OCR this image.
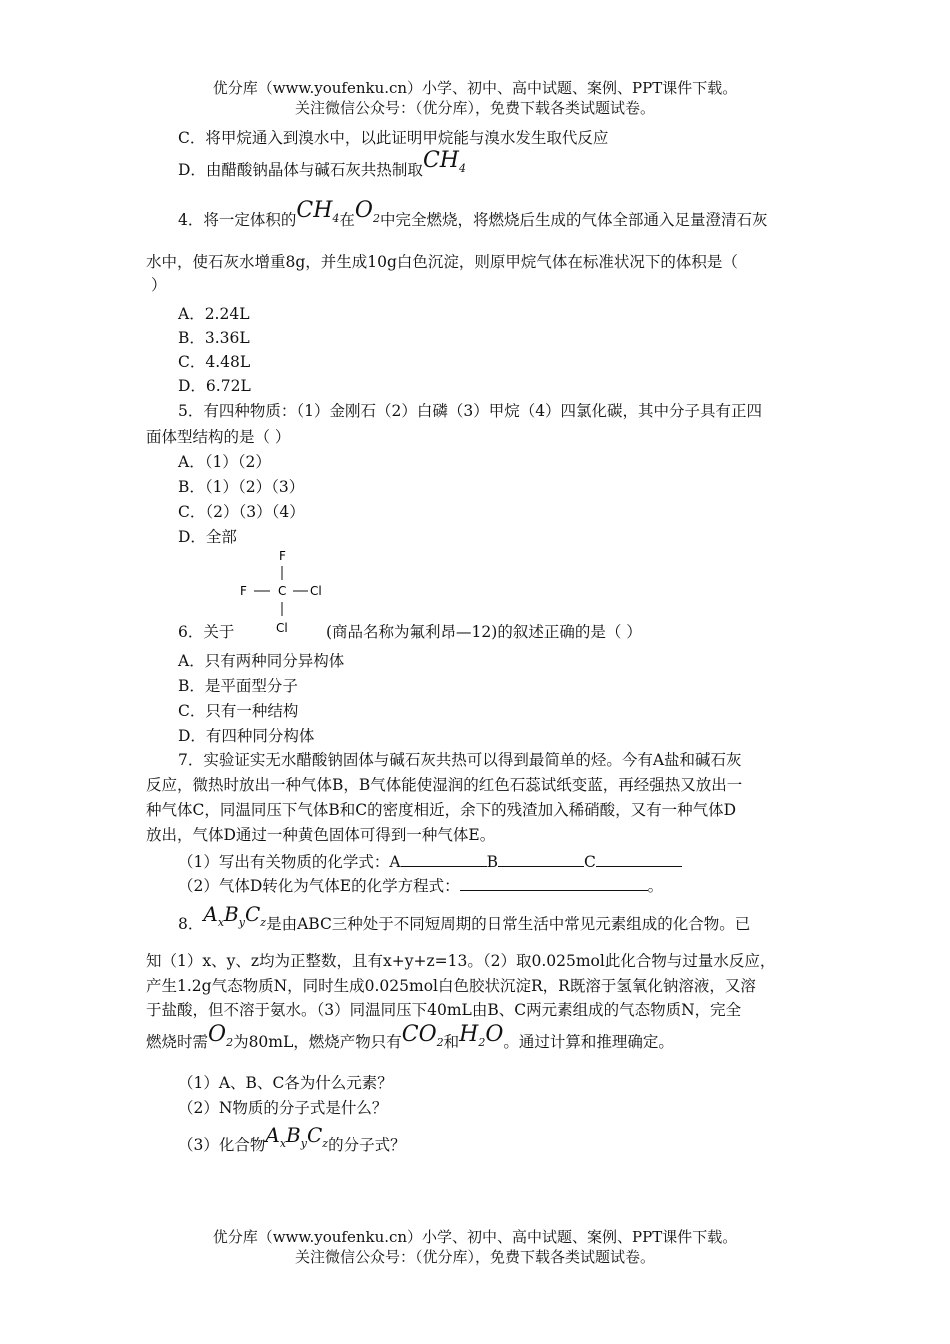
优分库（www.youfenku.cn）小学、初中、高中试题、案例、PPT课件下载。
关注微信公众号：（优分库），免费下载各类试题试卷。
C．将甲烷通入到溴水中，以此证明甲烷能与溴水发生取代反应
D．由醋酸钠晶体与碱石灰共热制取$CH_4$
4．将一定体积的$CH_4$在$O_2$中完全燃烧，将燃烧后生成的气体全部通入足量澄清石灰
水中，使石灰水增重8g，并生成10g白色沉淀，则原甲烷气体在标准状况下的体积是（
）
A．2.24L
B．3.36L
C．4.48L
D．6.72L
5．有四种物质：（1）金刚石（2）白磷（3）甲烷（4）四氯化碳，其中分子具有正四
面体型结构的是（ ）
A．（1）（2）
B．（1）（2）（3）
C．（2）（3）（4）
D．全部
F
F	C Cl
Cl
6．关于	(商品名称为氟利昂—12)的叙述正确的是（ ）
A．只有两种同分异构体
B．是平面型分子
C．只有一种结构
D．有四种同分构体
7．实验证实无水醋酸钠固体与碱石灰共热可以得到最简单的烃。今有A盐和碱石灰
反应，微热时放出一种气体B，B气体能使湿润的红色石蕊试纸变蓝，再经强热又放出一
种气体C，同温同压下气体B和C的密度相近，余下的残渣加入稀硝酸，又有一种气体D
放出，气体D通过一种黄色固体可得到一种气体E。
（1）写出有关物质的化学式：A	B	C
（2）气体D转化为气体E的化学方程式：	。
8．$A_xB_yC_z$是由ABC三种处于不同短周期的日常生活中常见元素组成的化合物。已
知（1）x、y、z均为正整数，且有x+y+z=13。（2）取0.025mol此化合物与过量水反应，
产生1.2g气态物质N，同时生成0.025mol白色胶状沉淀R，R既溶于氢氧化钠溶液，又溶
于盐酸，但不溶于氨水。（3）同温同压下40mL由B、C两元素组成的气态物质N，完全
燃烧时需$O_2$为80mL，燃烧产物只有$CO_2$和$H_2O$。通过计算和推理确定。
（1）A、B、C各为什么元素？
（2）N物质的分子式是什么？
（3）化合物$A_xB_yC_z$的分子式？
优分库（www.youfenku.cn）小学、初中、高中试题、案例、PPT课件下载。
关注微信公众号：（优分库），免费下载各类试题试卷。
